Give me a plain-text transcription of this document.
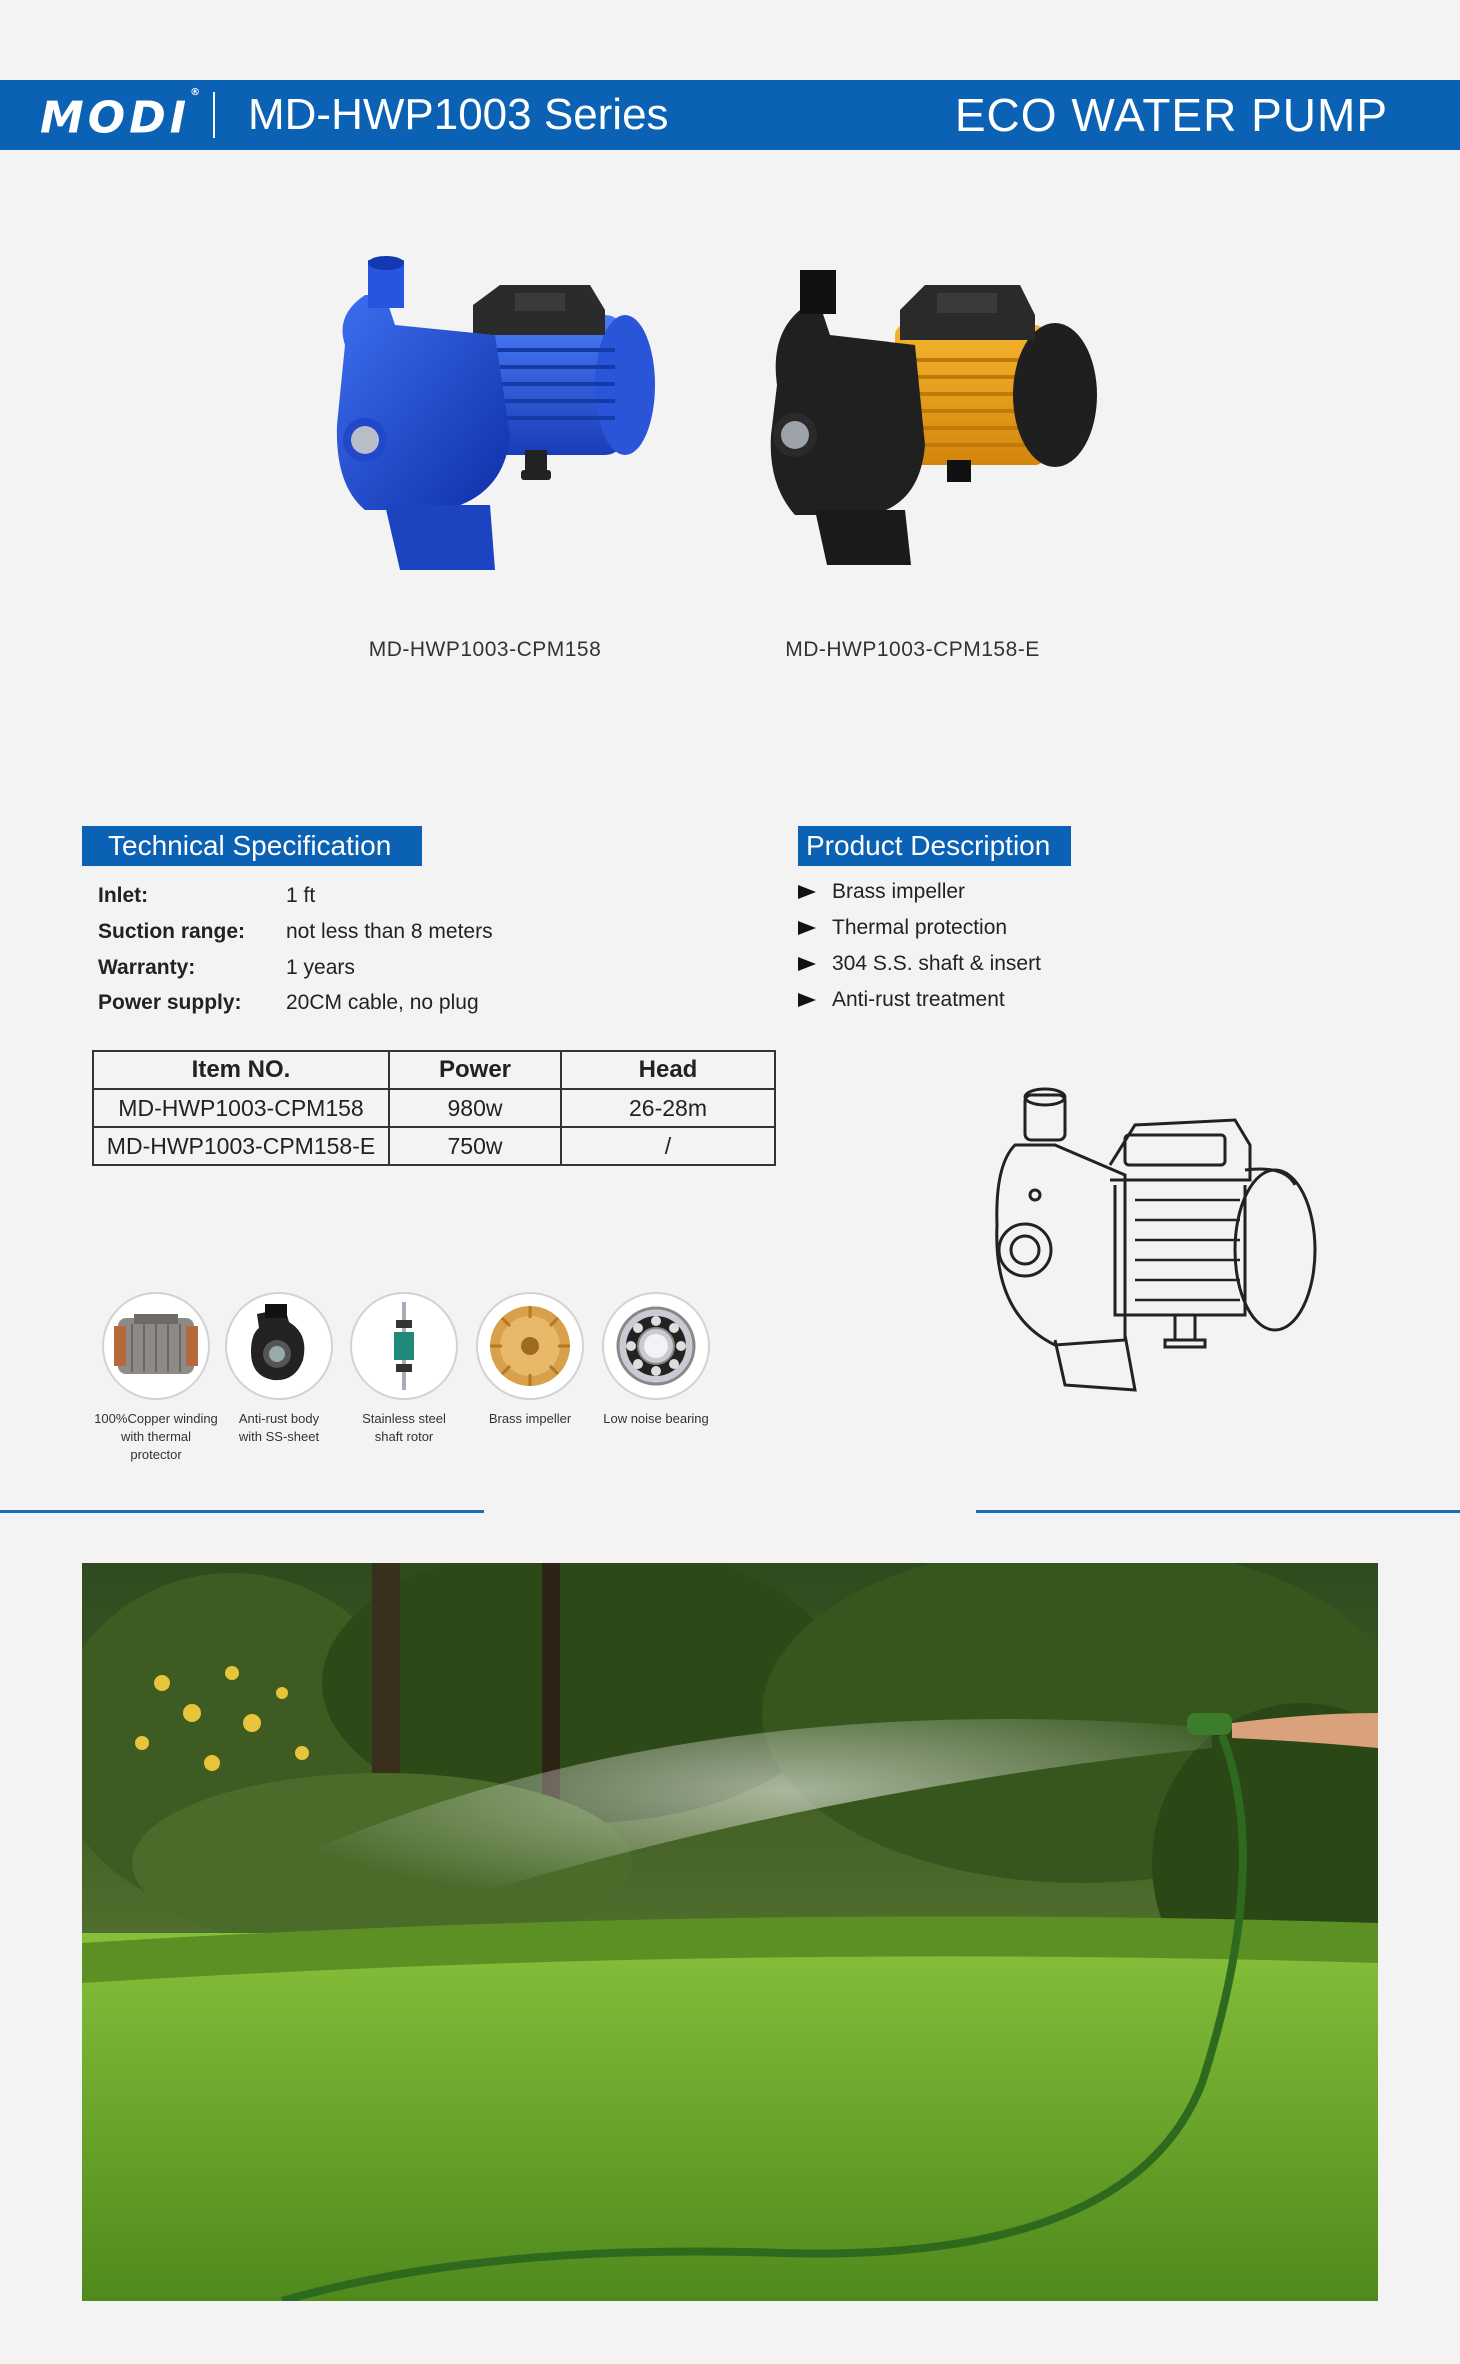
MODI® MD-HWP1003 Series	ECO WATER PUMP
MD-HWP1003-CPM158	MD-HWP1003-CPM158-E
Technical Specification
Inlet:	1 ft
Suction range: not less than 8 meters
Warranty:	1 years
Power supply: 20CM cable, no plug
Product Description
Brass impeller
Thermal protection
304 S.S. shaft & insert
Anti-rust treatment
Item NO.	Power	Head
MD-HWP1003-CPM158	980w	26-28m
MD-HWP1003-CPM158-E	750w	/
100%Copper winding
with thermal protector
Anti-rust body
with SS-sheet
Stainless steel
shaft rotor
Brass impeller	Low noise bearing
